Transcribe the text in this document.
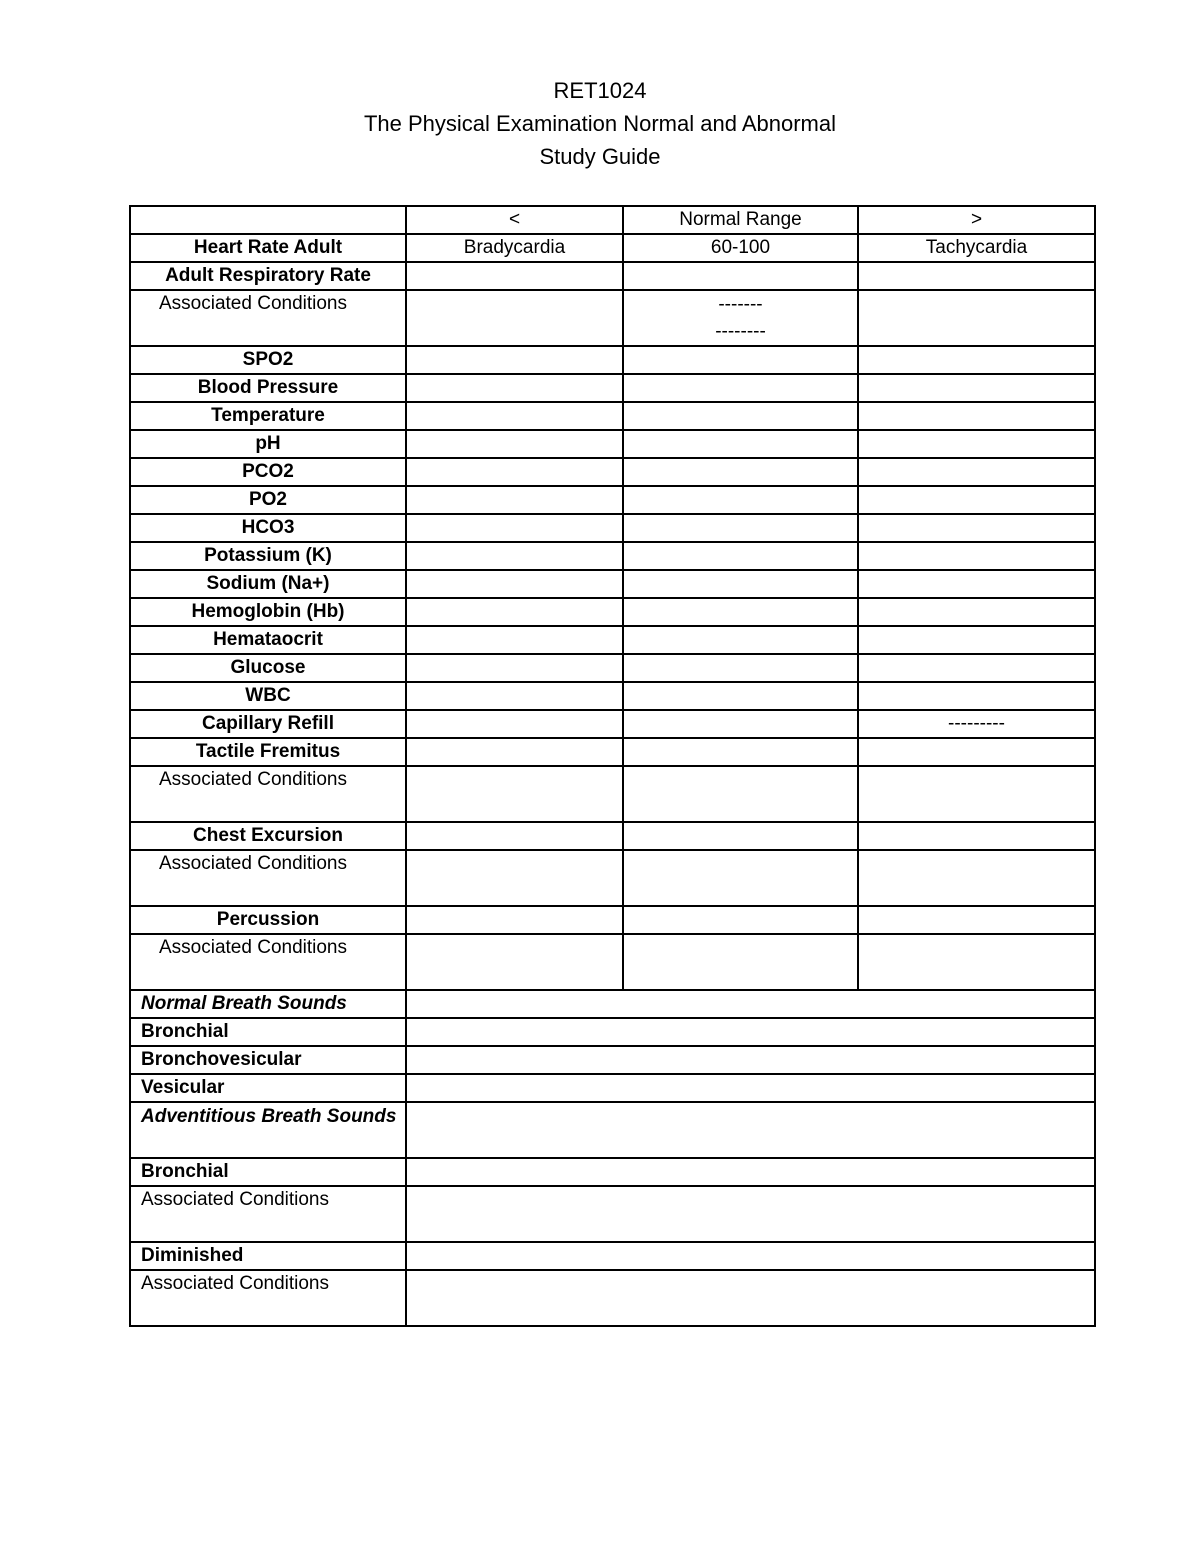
RET1024
The Physical Examination Normal and Abnormal
Study Guide
	<	Normal Range	>
Heart Rate Adult	Bradycardia	60-100	Tachycardia
Adult Respiratory Rate			
Associated Conditions		-------
--------	

SPO2			
Blood Pressure			
Temperature			
pH			
PCO2			
PO2			
HCO3			
Potassium (K)			
Sodium (Na+)			
Hemoglobin (Hb)			
Hemataocrit			
Glucose			
WBC			
Capillary Refill			---------
Tactile Fremitus			
Associated Conditions			
Chest Excursion			
Associated Conditions			
Percussion			
Associated Conditions			
Normal Breath Sounds			
Bronchial			
Bronchovesicular			
Vesicular			
Adventitious Breath Sounds			
Bronchial			
Associated Conditions			
Diminished			
Associated Conditions			
